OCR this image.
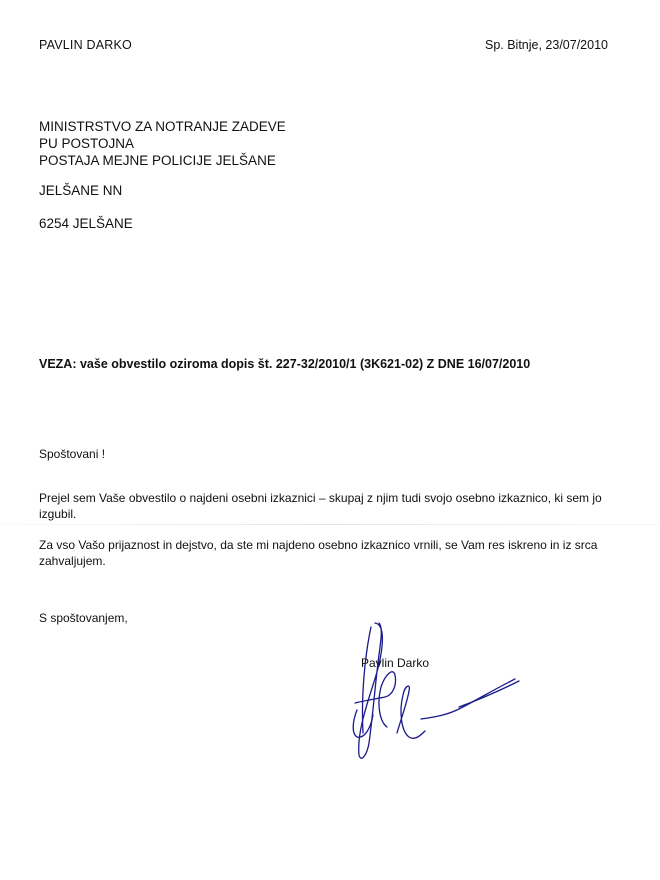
PAVLIN DARKO	Sp. Bitnje, 23/07/2010
MINISTRSTVO ZA NOTRANJE ZADEVE
PU POSTOJNA
POSTAJA MEJNE POLICIJE JELŠANE
JELŠANE NN
6254 JELŠANE
VEZA: vaše obvestilo oziroma dopis št. 227-32/2010/1 (3K621-02) Z DNE 16/07/2010
Spoštovani !
Prejel sem Vaše obvestilo o najdeni osebni izkaznici – skupaj z njim tudi svojo osebno izkaznico, ki sem jo izgubil.
Za vso Vašo prijaznost in dejstvo, da ste mi najdeno osebno izkaznico vrnili, se Vam res iskreno in iz srca zahvaljujem.
S spoštovanjem,
Pavlin Darko
